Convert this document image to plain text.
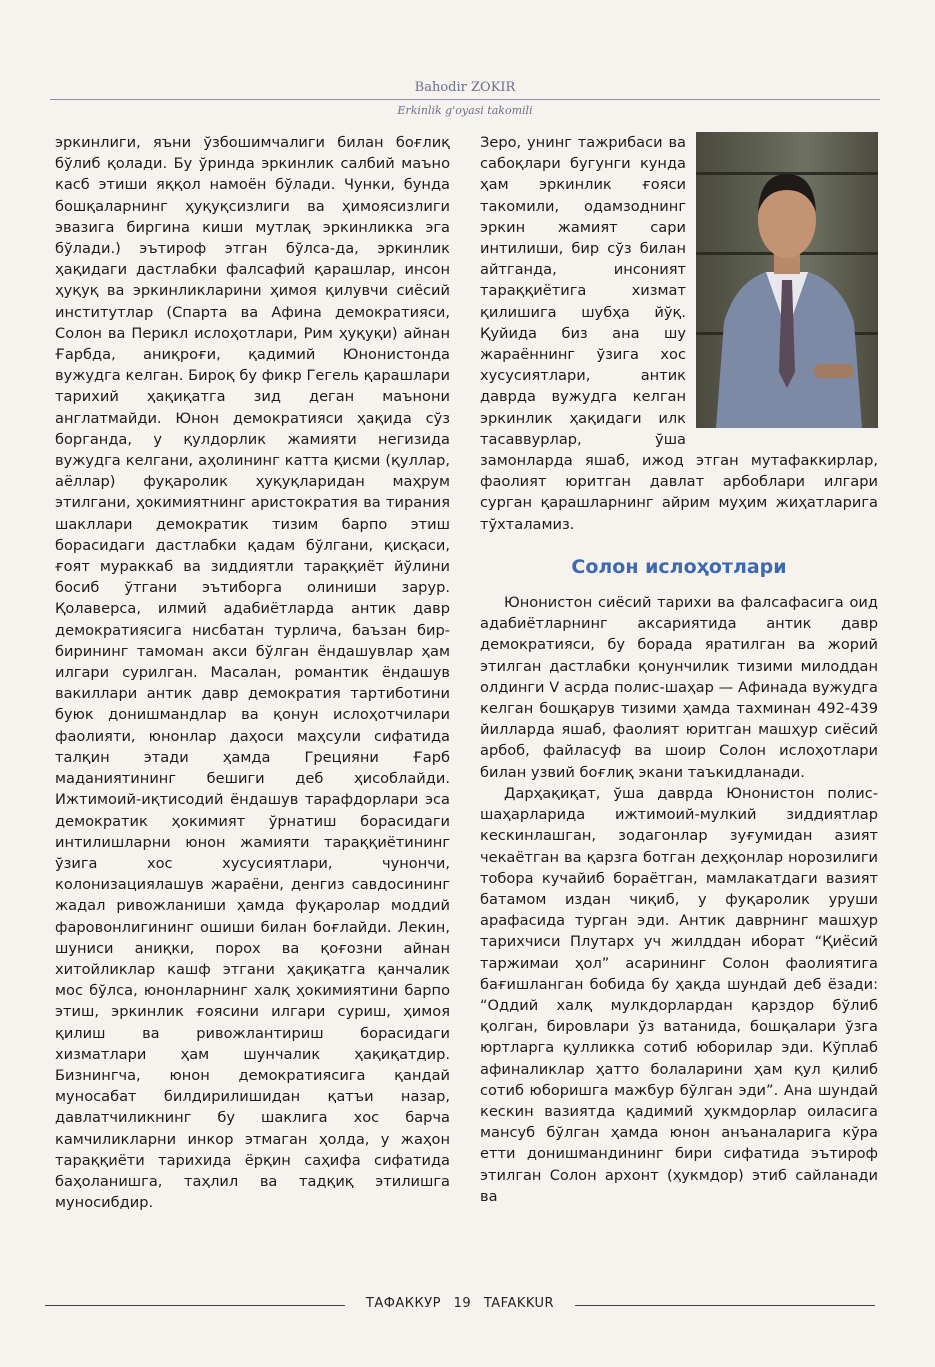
Bahodir ZOKIR
Erkinlik g'oyasi takomili

эркинлиги, яъни ўзбошимчалиги билан боғлиқ бўлиб қолади. Бу ўринда эркинлик салбий маъно касб этиши яққол намоён бўлади. Чунки, бунда бошқаларнинг ҳуқуқсизлиги ва ҳимоясизлиги эвазига биргина киши мутлақ эркинликка эга бўлади.) эътироф этган бўлса-да, эркинлик ҳақидаги дастлабки фалсафий қарашлар, инсон ҳуқуқ ва эркинликларини ҳимоя қилувчи сиёсий институтлар (Спарта ва Афина демократияси, Солон ва Перикл ислоҳотлари, Рим ҳуқуқи) айнан Ғарбда, аниқроғи, қадимий Юнонистонда вужудга келган. Бироқ бу фикр Гегель қарашлари тарихий ҳақиқатга зид деган маънони англатмайди. Юнон демократияси ҳақида сўз борганда, у қулдорлик жамияти негизида вужудга келгани, аҳолининг катта қисми (қуллар, аёллар) фуқаролик ҳуқуқларидан маҳрум этилгани, ҳокимиятнинг аристократия ва тирания шакллари демократик тизим барпо этиш борасидаги дастлабки қадам бўлгани, қисқаси, ғоят мураккаб ва зиддиятли тараққиёт йўлини босиб ўтгани эътиборга олиниши зарур. Қолаверса, илмий адабиётларда антик давр демократиясига нисбатан турлича, баъзан бир-бирининг тамоман акси бўлган ёндашувлар ҳам илгари сурилган. Масалан, романтик ёндашув вакиллари антик давр демократия тартиботини буюк донишмандлар ва қонун ислоҳотчилари фаолияти, юнонлар даҳоси маҳсули сифатида талқин этади ҳамда Грецияни Ғарб маданиятининг бешиги деб ҳисоблайди. Ижтимоий-иқтисодий ёндашув тарафдорлари эса демократик ҳокимият ўрнатиш борасидаги интилишларни юнон жамияти тараққиётининг ўзига хос хусусиятлари, чунончи, колонизациялашув жараёни, денгиз савдосининг жадал ривожланиши ҳамда фуқаролар моддий фаровонлигининг ошиши билан боғлайди. Лекин, шуниси аниқки, порох ва қоғозни айнан хитойликлар кашф этгани ҳақиқатга қанчалик мос бўлса, юнонларнинг халқ ҳокимиятини барпо этиш, эркинлик ғоясини илгари суриш, ҳимоя қилиш ва ривожлантириш борасидаги хизматлари ҳам шунчалик ҳақиқатдир. Бизнингча, юнон демократиясига қандай муносабат билдирилишидан қатъи назар, давлатчиликнинг бу шаклига хос барча камчиликларни инкор этмаган ҳолда, у жаҳон тараққиёти тарихида ёрқин саҳифа сифатида баҳоланишга, таҳлил ва тадқиқ этилишга муносибдир.

Зеро, унинг тажрибаси ва сабоқлари бугунги кунда ҳам эркинлик ғояси такомили, одамзоднинг эркин жамият сари интилиши, бир сўз билан айтганда, инсоният тараққиётига хизмат қилишига шубҳа йўқ. Қуйида биз ана шу жараённинг ўзига хос хусусиятлари, антик даврда вужудга келган эркинлик ҳақидаги илк тасаввурлар, ўша замонларда яшаб, ижод этган мутафаккирлар, фаолият юритган давлат арбоблари илгари сурган қарашларнинг айрим муҳим жиҳатларига тўхталамиз.

Солон ислоҳотлари

Юнонистон сиёсий тарихи ва фалсафасига оид адабиётларнинг аксариятида антик давр демократияси, бу борада яратилган ва жорий этилган дастлабки қонунчилик тизими милоддан олдинги V асрда полис-шаҳар — Афинада вужудга келган бошқарув тизими ҳамда тахминан 492-439 йилларда яшаб, фаолият юритган машҳур сиёсий арбоб, файласуф ва шоир Солон ислоҳотлари билан узвий боғлиқ экани таъкидланади.

Дарҳақиқат, ўша даврда Юнонистон полис-шаҳарларида ижтимоий-мулкий зиддиятлар кескинлашган, зодагонлар зуғумидан азият чекаётган ва қарзга ботган деҳқонлар норозилиги тобора кучайиб бораётган, мамлакатдаги вазият батамом издан чиқиб, у фуқаролик уруши арафасида турган эди. Антик даврнинг машҳур тарихчиси Плутарх уч жилддан иборат “Қиёсий таржимаи ҳол” асарининг Солон фаолиятига бағишланган бобида бу ҳақда шундай деб ёзади: “Оддий халқ мулкдорлардан қарздор бўлиб қолган, бировлари ўз ватанида, бошқалари ўзга юртларга қулликка сотиб юборилар эди. Кўплаб афиналиклар ҳатто болаларини ҳам қул қилиб сотиб юборишга мажбур бўлган эди”. Ана шундай кескин вазиятда қадимий ҳукмдорлар оиласига мансуб бўлган ҳамда юнон анъаналарига кўра етти донишмандининг бири сифатида эътироф этилган Солон архонт (ҳукмдор) этиб сайланади ва

ТАФАККУР 19 TAFAKKUR
